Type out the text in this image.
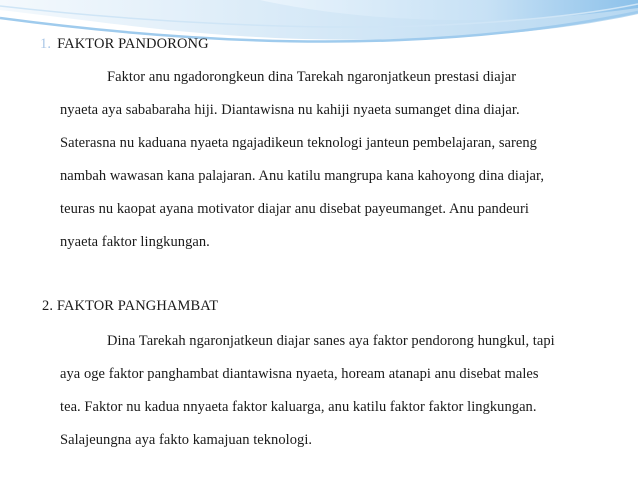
1. FAKTOR PANDORONG
Faktor anu ngadorongkeun dina Tarekah ngaronjatkeun prestasi diajar
nyaeta aya sababaraha hiji. Diantawisna nu kahiji nyaeta sumanget dina diajar.
Saterasna nu kaduana nyaeta ngajadikeun teknologi janteun pembelajaran, sareng
nambah wawasan kana palajaran. Anu katilu mangrupa kana kahoyong dina diajar,
teuras nu kaopat ayana motivator diajar anu disebat payeumanget. Anu pandeuri
nyaeta faktor lingkungan.
2. FAKTOR PANGHAMBAT
Dina Tarekah ngaronjatkeun diajar sanes aya faktor pendorong hungkul, tapi
aya oge faktor panghambat diantawisna nyaeta, hoream atanapi anu disebat males
tea. Faktor nu kadua nnyaeta faktor kaluarga, anu katilu faktor faktor lingkungan.
Salajeungna aya fakto kamajuan teknologi.
